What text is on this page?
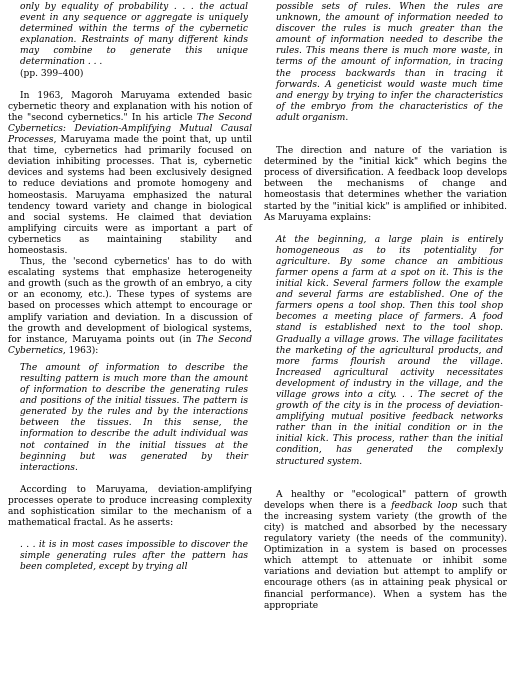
only by equality of probability . . . the actual event in any sequence or aggregate is uniquely determined within the terms of the cybernetic explanation. Restraints of many different kinds may combine to generate this unique determination . . .

(pp. 399–400)

In 1963, Magoroh Maruyama extended basic cybernetic theory and explanation with his notion of the "second cybernetics." In his article The Second Cybernetics: Deviation-Amplifying Mutual Causal Processes, Maruyama made the point that, up until that time, cybernetics had primarily focused on deviation inhibiting processes. That is, cybernetic devices and systems had been exclusively designed to reduce deviations and promote homogeny and homeostasis. Maruyama emphasized the natural tendency toward variety and change in biological and social systems. He claimed that deviation amplifying circuits were as important a part of cybernetics as maintaining stability and homeostasis.

Thus, the 'second cybernetics' has to do with escalating systems that emphasize heterogeneity and growth (such as the growth of an embryo, a city or an economy, etc.). These types of systems are based on processes which attempt to encourage or amplify variation and deviation. In a discussion of the growth and development of biological systems, for instance, Maruyama points out (in The Second Cybernetics, 1963):

The amount of information to describe the resulting pattern is much more than the amount of information to describe the generating rules and positions of the initial tissues. The pattern is generated by the rules and by the interactions between the tissues. In this sense, the information to describe the adult individual was not contained in the initial tissues at the beginning but was generated by their interactions.

According to Maruyama, deviation-amplifying processes operate to produce increasing complexity and sophistication similar to the mechanism of a mathematical fractal. As he asserts:

. . . it is in most cases impossible to discover the simple generating rules after the pattern has been completed, except by trying all

possible sets of rules. When the rules are unknown, the amount of information needed to discover the rules is much greater than the amount of information needed to describe the rules. This means there is much more waste, in terms of the amount of information, in tracing the process backwards than in tracing it forwards. A geneticist would waste much time and energy by trying to infer the characteristics of the embryo from the characteristics of the adult organism.

The direction and nature of the variation is determined by the "initial kick" which begins the process of diversification. A feedback loop develops between the mechanisms of change and homeostasis that determines whether the variation started by the "initial kick" is amplified or inhibited. As Maruyama explains:

At the beginning, a large plain is entirely homogeneous as to its potentiality for agriculture. By some chance an ambitious farmer opens a farm at a spot on it. This is the initial kick. Several farmers follow the example and several farms are established. One of the farmers opens a tool shop. Then this tool shop becomes a meeting place of farmers. A food stand is established next to the tool shop. Gradually a village grows. The village facilitates the marketing of the agricultural products, and more farms flourish around the village. Increased agricultural activity necessitates development of industry in the village, and the village grows into a city. . . The secret of the growth of the city is in the process of deviation-amplifying mutual positive feedback networks rather than in the initial condition or in the initial kick. This process, rather than the initial condition, has generated the complexly structured system.

A healthy or "ecological" pattern of growth develops when there is a feedback loop such that the increasing system variety (the growth of the city) is matched and absorbed by the necessary regulatory variety (the needs of the community). Optimization in a system is based on processes which attempt to attenuate or inhibit some variations and deviation but attempt to amplify or encourage others (as in attaining peak physical or financial performance). When a system has the appropriate
